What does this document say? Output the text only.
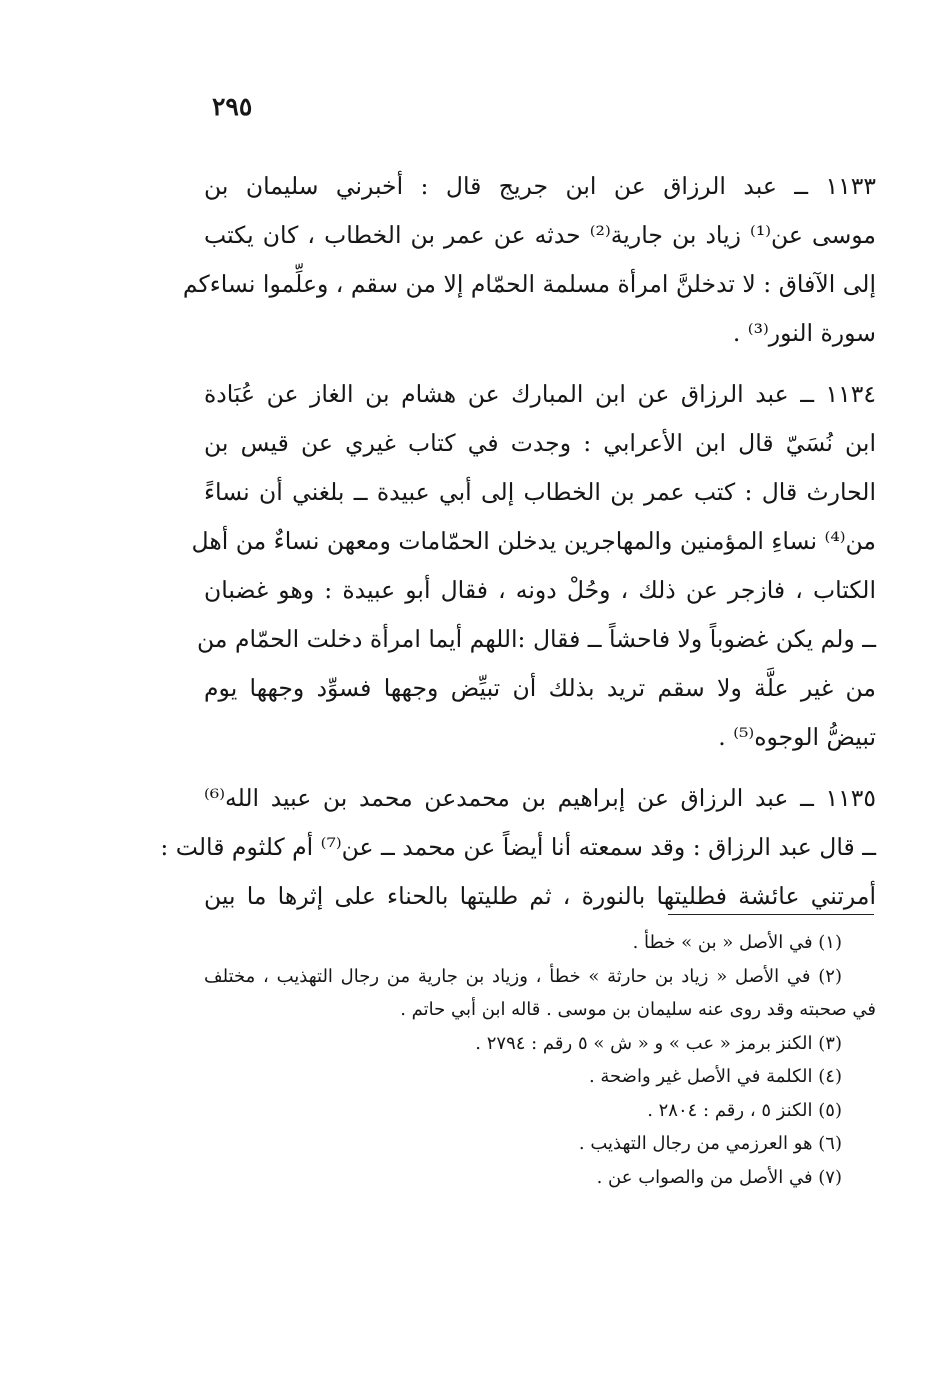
٢٩٥
١١٣٣ ــ عبد الرزاق عن ابن جريج قال : أخبرني سليمان بن
موسى عن⁽¹⁾ زياد بن جارية⁽²⁾ حدثه عن عمر بن الخطاب ، كان يكتب
إلى الآفاق : لا تدخلنَّ امرأة مسلمة الحمّام إلا من سقم ، وعلِّموا نساءكم
سورة النور⁽³⁾ .
١١٣٤ ــ عبد الرزاق عن ابن المبارك عن هشام بن الغاز عن عُبَادة
ابن نُسَيّ قال ابن الأعرابي : وجدت في كتاب غيري عن قيس بن
الحارث قال : كتب عمر بن الخطاب إلى أبي عبيدة ــ بلغني أن نساءً
من⁽⁴⁾ نساءِ المؤمنين والمهاجرين يدخلن الحمّامات ومعهن نساءٌ من أهل
الكتاب ، فازجر عن ذلك ، وحُلْ دونه ، فقال أبو عبيدة : وهو غضبان
ــ ولم يكن غضوباً ولا فاحشاً ــ فقال :اللهم أيما امرأة دخلت الحمّام من
من غير علَّة ولا سقم تريد بذلك أن تبيِّض وجهها فسوِّد وجهها يوم
تبيضُّ الوجوه⁽⁵⁾ .
١١٣٥ ــ عبد الرزاق عن إبراهيم بن محمدعن محمد بن عبيد الله⁽⁶⁾
ــ قال عبد الرزاق : وقد سمعته أنا أيضاً عن محمد ــ عن⁽⁷⁾ أم كلثوم قالت :
أمرتني عائشة فطليتها بالنورة ، ثم طليتها بالحناء على إثرها ما بين
(١) في الأصل « بن » خطأ .
(٢) في الأصل « زياد بن حارثة » خطأ ، وزياد بن جارية من رجال التهذيب ، مختلف
في صحبته وقد روى عنه سليمان بن موسى . قاله ابن أبي حاتم .
(٣) الكنز برمز « عب » و « ش » ٥ رقم : ٢٧٩٤ .
(٤) الكلمة في الأصل غير واضحة .
(٥) الكنز ٥ ، رقم : ٢٨٠٤ .
(٦) هو العرزمي من رجال التهذيب .
(٧) في الأصل من والصواب عن .
